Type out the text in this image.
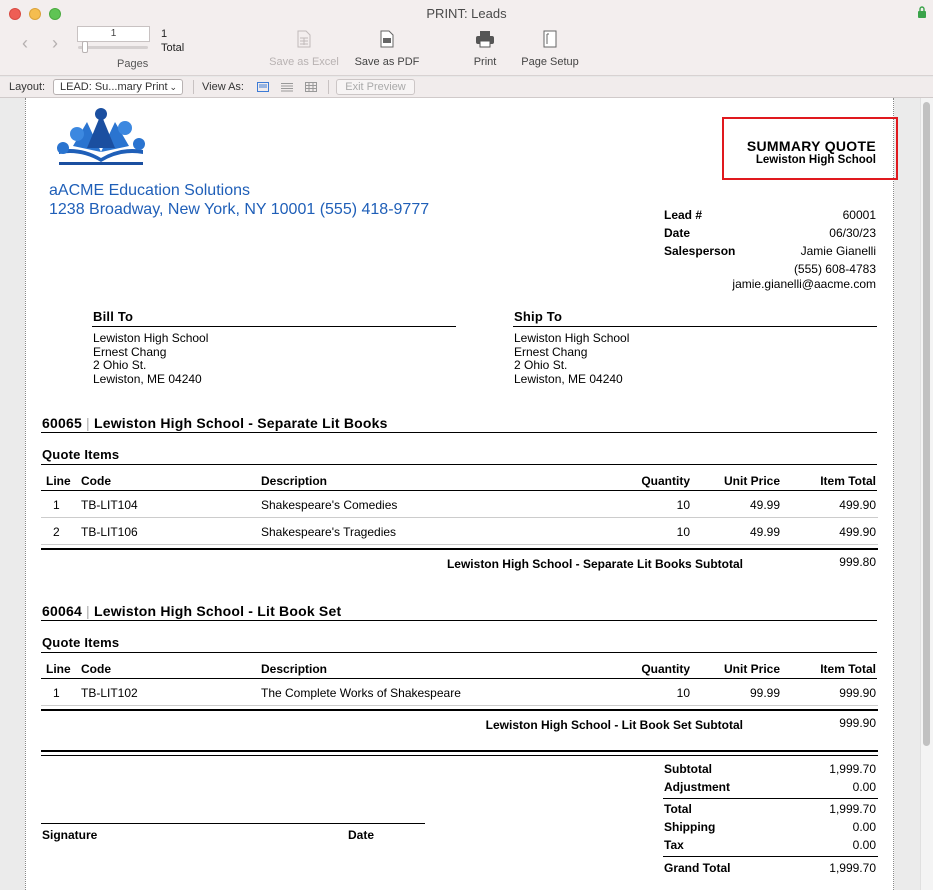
PRINT: Leads
‹ ›	1	1
Total
Pages	Save as Excel Save as PDF	Print	Page Setup
Layout:	LEAD: Su...mary Print ⌄ View As:	Exit Preview
aACME Education Solutions
1238 Broadway, New York, NY 10001 (555) 418-9777
SUMMARY QUOTE
Lewiston High School
Lead #	60001
Date	06/30/23
Salesperson	Jamie Gianelli
(555) 608-4783
jamie.gianelli@aacme.com
Bill To
Lewiston High School
Ernest Chang
2 Ohio St.
Lewiston, ME 04240
Ship To
Lewiston High School
Ernest Chang
2 Ohio St.
Lewiston, ME 04240
60065 | Lewiston High School - Separate Lit Books
Quote Items
Line Code	Description	Quantity	Unit Price	Item Total
1 TB-LIT104	Shakespeare's Comedies	10	49.99	499.90
2 TB-LIT106	Shakespeare's Tragedies	10	49.99	499.90
Lewiston High School - Separate Lit Books Subtotal	999.80
60064 | Lewiston High School - Lit Book Set
Quote Items
Line Code	Description	Quantity	Unit Price	Item Total
1 TB-LIT102	The Complete Works of Shakespeare	10	99.99	999.90
Lewiston High School - Lit Book Set Subtotal	999.90
Subtotal	1,999.70
Adjustment	0.00
Total	1,999.70
Shipping	0.00
Tax	0.00
Grand Total	1,999.70
Signature	Date
